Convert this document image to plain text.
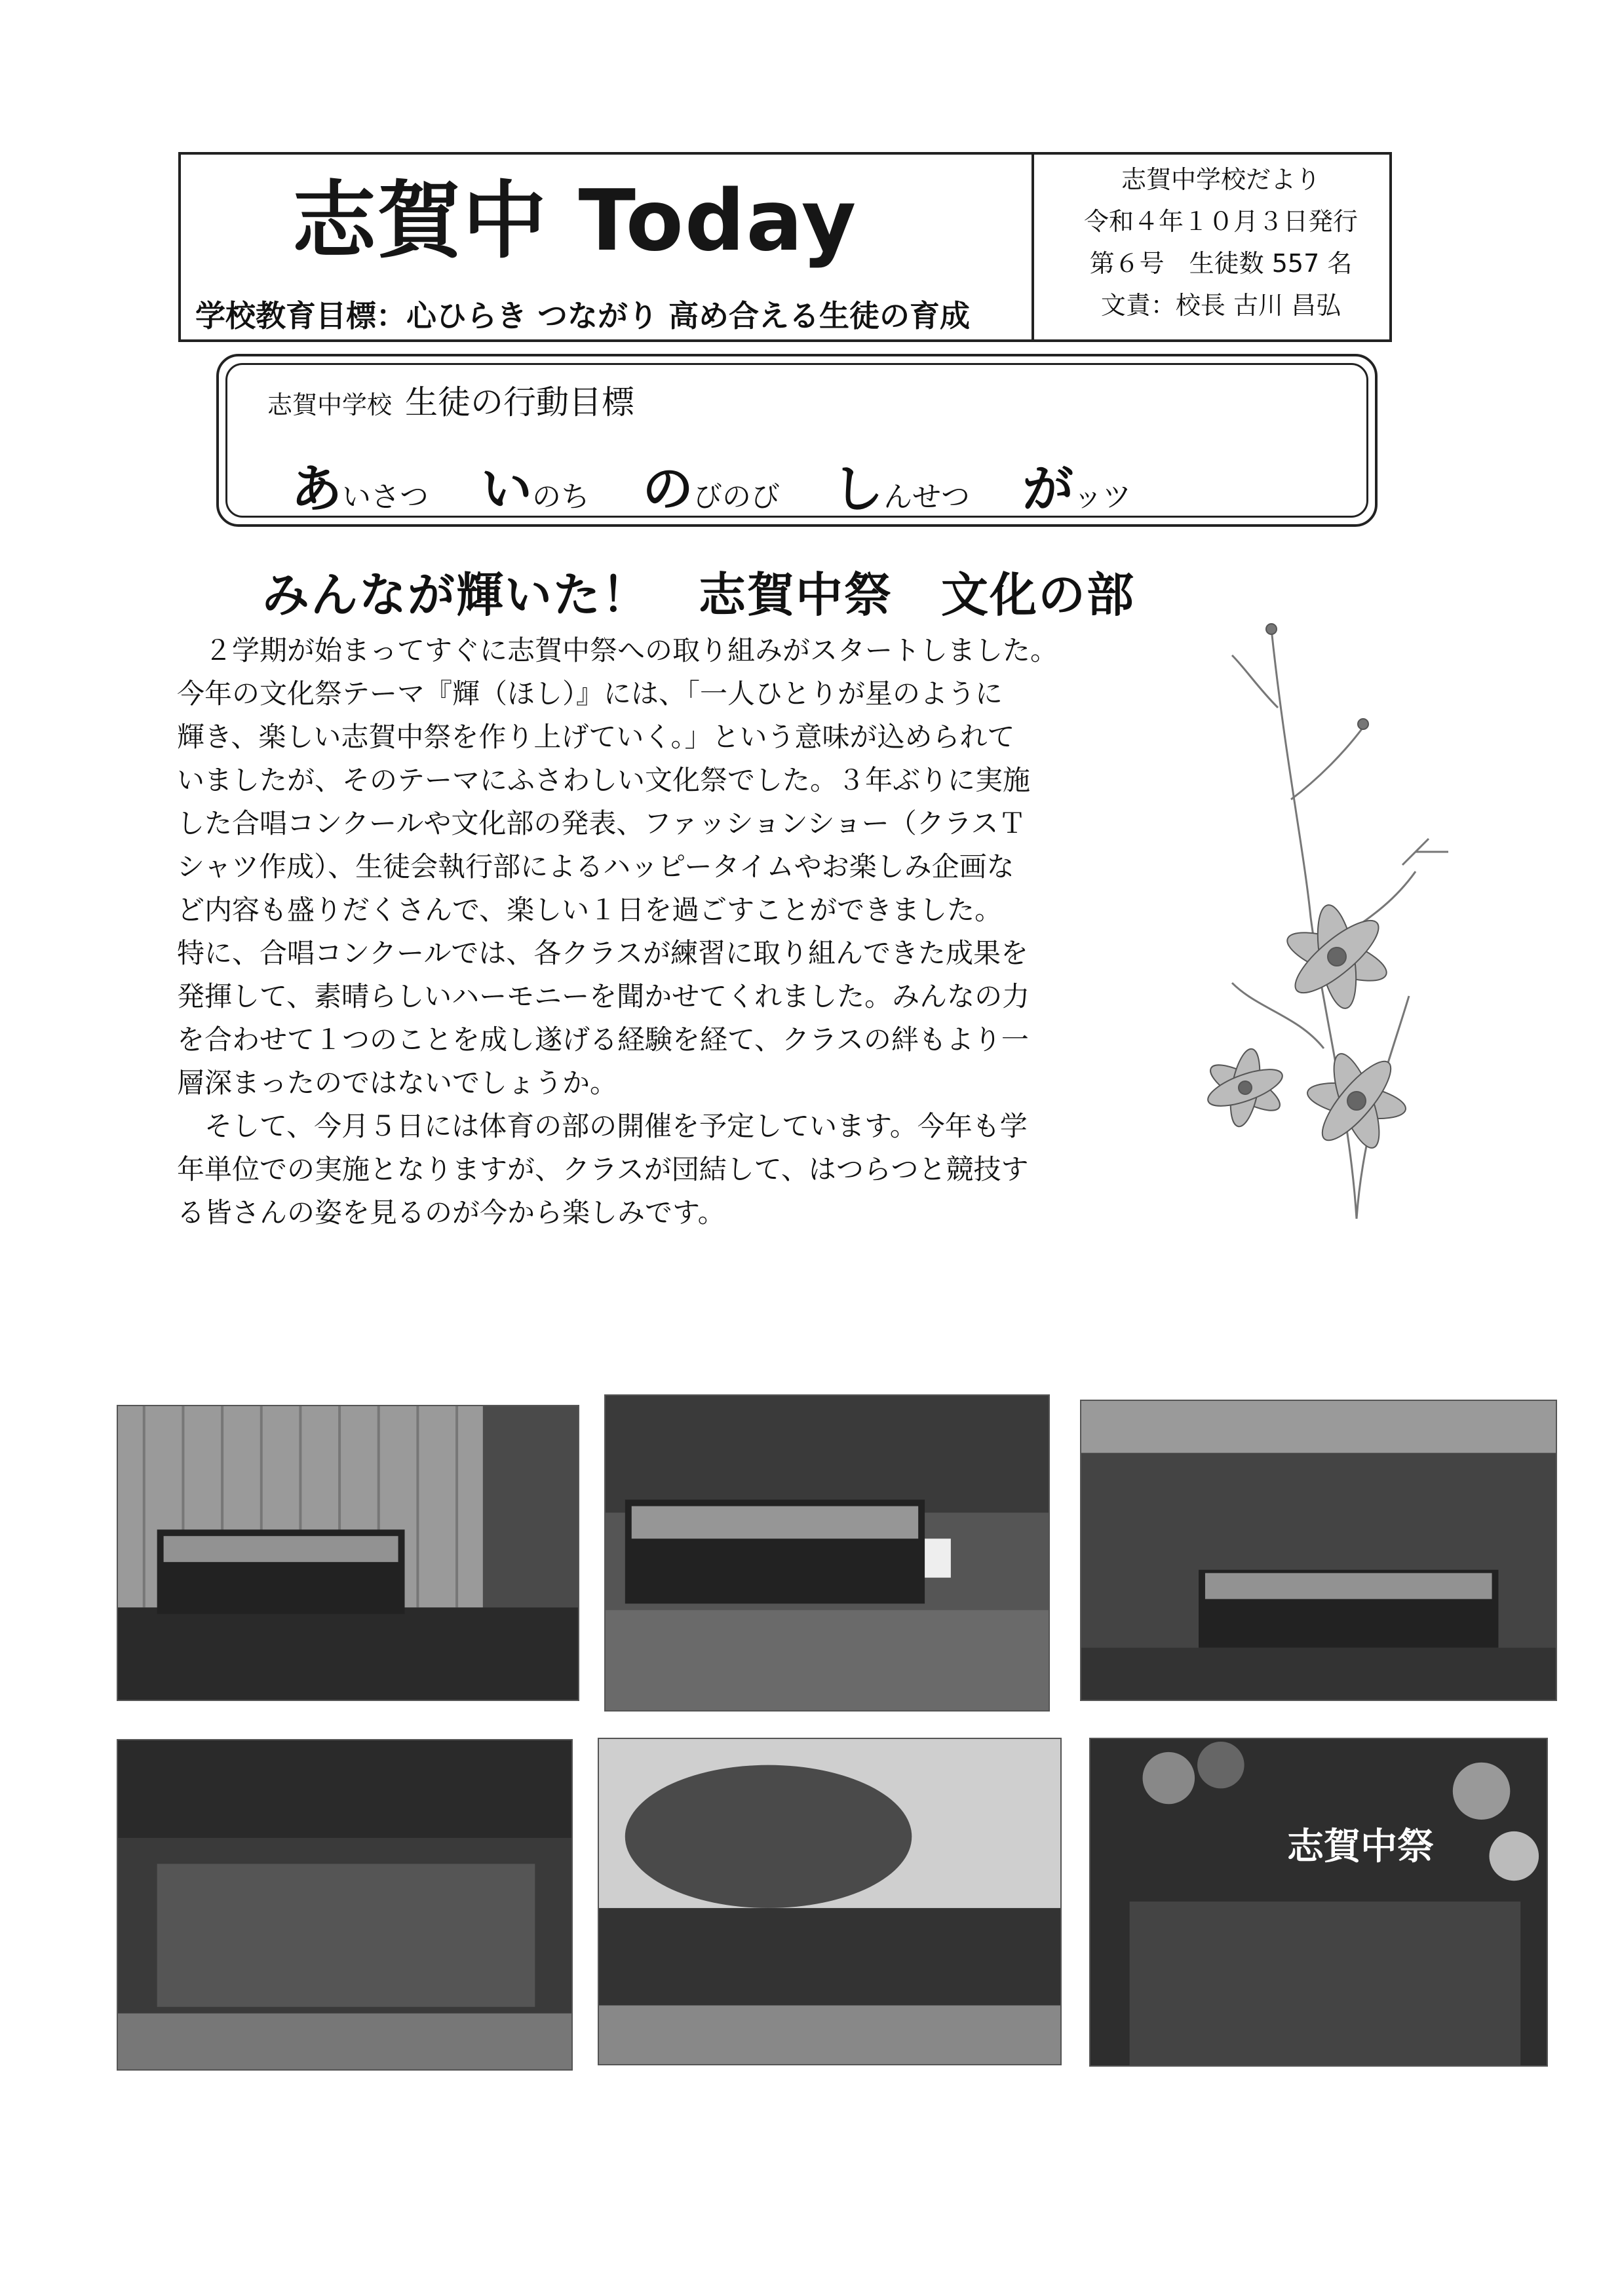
志賀中 Today
学校教育目標：心ひらき つながり 高め合える生徒の育成
志賀中学校だより
令和４年１０月３日発行
第６号　生徒数 557 名
文責：校長 古川 昌弘
志賀中学校 生徒の行動目標
あいさつ いのち のびのび しんせつ がッツ
みんなが輝いた！　志賀中祭　文化の部

　２学期が始まってすぐに志賀中祭への取り組みがスタートしました。

今年の文化祭テーマ『輝（ほし）』には、「一人ひとりが星のように

輝き、楽しい志賀中祭を作り上げていく。」という意味が込められて

いましたが、そのテーマにふさわしい文化祭でした。３年ぶりに実施

した合唱コンクールや文化部の発表、ファッションショー（クラスＴ

シャツ作成）、生徒会執行部によるハッピータイムやお楽しみ企画な

ど内容も盛りだくさんで、楽しい１日を過ごすことができました。

特に、合唱コンクールでは、各クラスが練習に取り組んできた成果を

発揮して、素晴らしいハーモニーを聞かせてくれました。みんなの力

を合わせて１つのことを成し遂げる経験を経て、クラスの絆もより一

層深まったのではないでしょうか。

　そして、今月５日には体育の部の開催を予定しています。今年も学

年単位での実施となりますが、クラスが団結して、はつらつと競技す

る皆さんの姿を見るのが今から楽しみです。

志賀中祭
